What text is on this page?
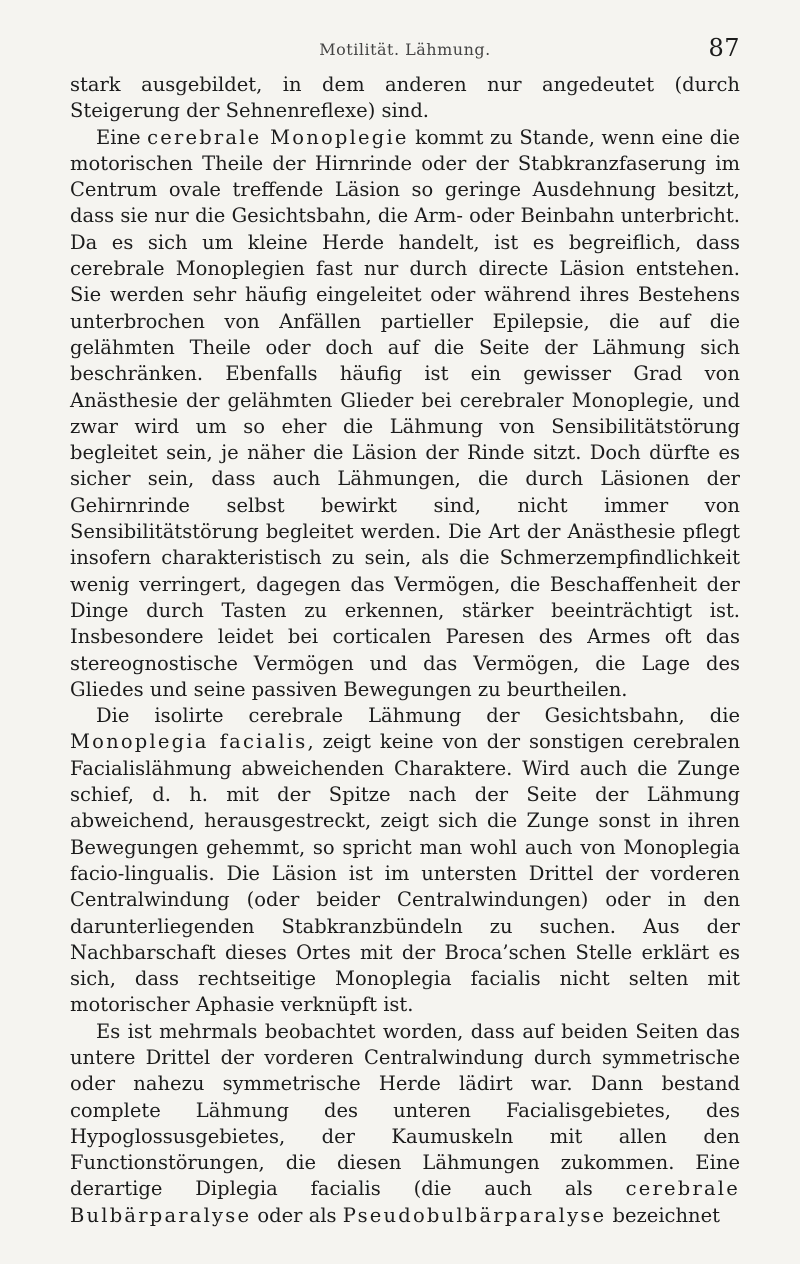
Motilität. Lähmung.	87

stark ausgebildet, in dem anderen nur angedeutet (durch Steigerung der Sehnenreflexe) sind.

Eine cerebrale Monoplegie kommt zu Stande, wenn eine die motorischen Theile der Hirnrinde oder der Stabkranzfaserung im Centrum ovale treffende Läsion so geringe Ausdehnung besitzt, dass sie nur die Gesichtsbahn, die Arm- oder Beinbahn unterbricht. Da es sich um kleine Herde handelt, ist es begreiflich, dass cerebrale Monoplegien fast nur durch directe Läsion entstehen. Sie werden sehr häufig eingeleitet oder während ihres Bestehens unterbrochen von Anfällen partieller Epilepsie, die auf die gelähmten Theile oder doch auf die Seite der Lähmung sich beschränken. Ebenfalls häufig ist ein gewisser Grad von Anästhesie der gelähmten Glieder bei cerebraler Monoplegie, und zwar wird um so eher die Lähmung von Sensibilitätstörung begleitet sein, je näher die Läsion der Rinde sitzt. Doch dürfte es sicher sein, dass auch Lähmungen, die durch Läsionen der Gehirnrinde selbst bewirkt sind, nicht immer von Sensibilitätstörung begleitet werden. Die Art der Anästhesie pflegt insofern charakteristisch zu sein, als die Schmerzempfindlichkeit wenig verringert, dagegen das Vermögen, die Beschaffenheit der Dinge durch Tasten zu erkennen, stärker beeinträchtigt ist. Insbesondere leidet bei corticalen Paresen des Armes oft das stereognostische Vermögen und das Vermögen, die Lage des Gliedes und seine passiven Bewegungen zu beurtheilen.

Die isolirte cerebrale Lähmung der Gesichtsbahn, die Monoplegia facialis, zeigt keine von der sonstigen cerebralen Facialislähmung abweichenden Charaktere. Wird auch die Zunge schief, d. h. mit der Spitze nach der Seite der Lähmung abweichend, herausgestreckt, zeigt sich die Zunge sonst in ihren Bewegungen gehemmt, so spricht man wohl auch von Monoplegia facio-lingualis. Die Läsion ist im untersten Drittel der vorderen Centralwindung (oder beider Centralwindungen) oder in den darunterliegenden Stabkranzbündeln zu suchen. Aus der Nachbarschaft dieses Ortes mit der Broca’schen Stelle erklärt es sich, dass rechtseitige Monoplegia facialis nicht selten mit motorischer Aphasie verknüpft ist.

Es ist mehrmals beobachtet worden, dass auf beiden Seiten das untere Drittel der vorderen Centralwindung durch symmetrische oder nahezu symmetrische Herde lädirt war. Dann bestand complete Lähmung des unteren Facialisgebietes, des Hypoglossusgebietes, der Kaumuskeln mit allen den Functionstörungen, die diesen Lähmungen zukommen. Eine derartige Diplegia facialis (die auch als cerebrale Bulbärparalyse oder als Pseudobulbärparalyse bezeichnet
